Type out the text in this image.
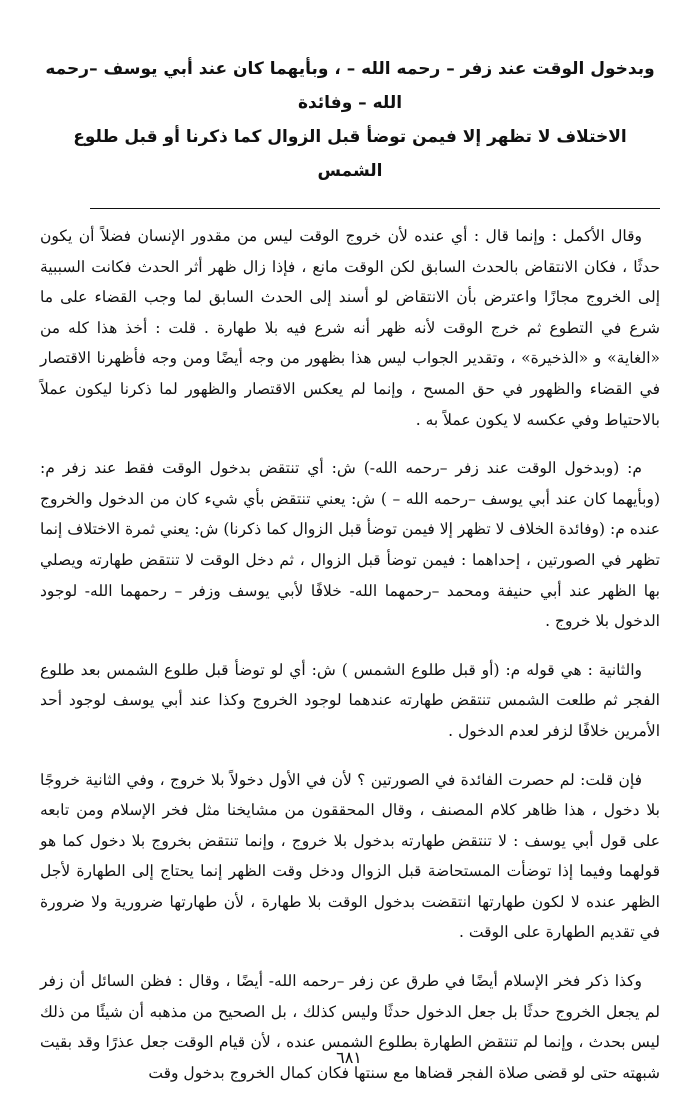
وبدخول الوقت عند زفر – رحمه الله – ، وبأيهما كان عند أبي يوسف –رحمه الله – وفائدة
الاختلاف لا تظهر إلا فيمن توضأ قبل الزوال كما ذكرنا أو قبل طلوع الشمس

وقال الأكمل : وإنما قال : أي عنده لأن خروج الوقت ليس من مقدور الإنسان فضلاً أن يكون حدثًا ، فكان الانتقاض بالحدث السابق لكن الوقت مانع ، فإذا زال ظهر أثر الحدث فكانت السببية إلى الخروج مجازًا واعترض بأن الانتقاض لو أسند إلى الحدث السابق لما وجب القضاء على ما شرع في التطوع ثم خرج الوقت لأنه ظهر أنه شرع فيه بلا طهارة . قلت : أخذ هذا كله من «الغاية» و «الذخيرة» ، وتقدير الجواب ليس هذا بظهور من وجه أيضًا ومن وجه فأظهرنا الاقتصار في القضاء والظهور في حق المسح ، وإنما لم يعكس الاقتصار والظهور لما ذكرنا ليكون عملاً بالاحتياط وفي عكسه لا يكون عملاً به .

م: (وبدخول الوقت عند زفر –رحمه الله-) ش: أي تنتقض بدخول الوقت فقط عند زفر م: (وبأيهما كان عند أبي يوسف –رحمه الله – ) ش: يعني تنتقض بأي شيء كان من الدخول والخروج عنده م: (وفائدة الخلاف لا تظهر إلا فيمن توضأ قبل الزوال كما ذكرنا) ش: يعني ثمرة الاختلاف إنما تظهر في الصورتين ، إحداهما : فيمن توضأ قبل الزوال ، ثم دخل الوقت لا تنتقض طهارته ويصلي بها الظهر عند أبي حنيفة ومحمد –رحمهما الله- خلافًا لأبي يوسف وزفر – رحمهما الله- لوجود الدخول بلا خروج .

والثانية : هي قوله م: (أو قبل طلوع الشمس ) ش: أي لو توضأ قبل طلوع الشمس بعد طلوع الفجر ثم طلعت الشمس تنتقض طهارته عندهما لوجود الخروج وكذا عند أبي يوسف لوجود أحد الأمرين خلافًا لزفر لعدم الدخول .

فإن قلت: لم حصرت الفائدة في الصورتين ؟ لأن في الأول دخولاً بلا خروج ، وفي الثانية خروجًا بلا دخول ، هذا ظاهر كلام المصنف ، وقال المحققون من مشايخنا مثل فخر الإسلام ومن تابعه على قول أبي يوسف : لا تنتقض طهارته بدخول بلا خروج ، وإنما تنتقض بخروج بلا دخول كما هو قولهما وفيما إذا توضأت المستحاضة قبل الزوال ودخل وقت الظهر إنما يحتاج إلى الطهارة لأجل الظهر عنده لا لكون طهارتها انتقضت بدخول الوقت بلا طهارة ، لأن طهارتها ضرورية ولا ضرورة في تقديم الطهارة على الوقت .

وكذا ذكر فخر الإسلام أيضًا في طرق عن زفر –رحمه الله- أيضًا ، وقال : فظن السائل أن زفر لم يجعل الخروج حدثًا بل جعل الدخول حدثًا وليس كذلك ، بل الصحيح من مذهبه أن شيئًا من ذلك ليس بحدث ، وإنما لم تنتقض الطهارة بطلوع الشمس عنده ، لأن قيام الوقت جعل عذرًا وقد بقيت شبهته حتى لو قضى صلاة الفجر قضاها مع سنتها فكان كمال الخروج بدخول وقت

٦٨١
